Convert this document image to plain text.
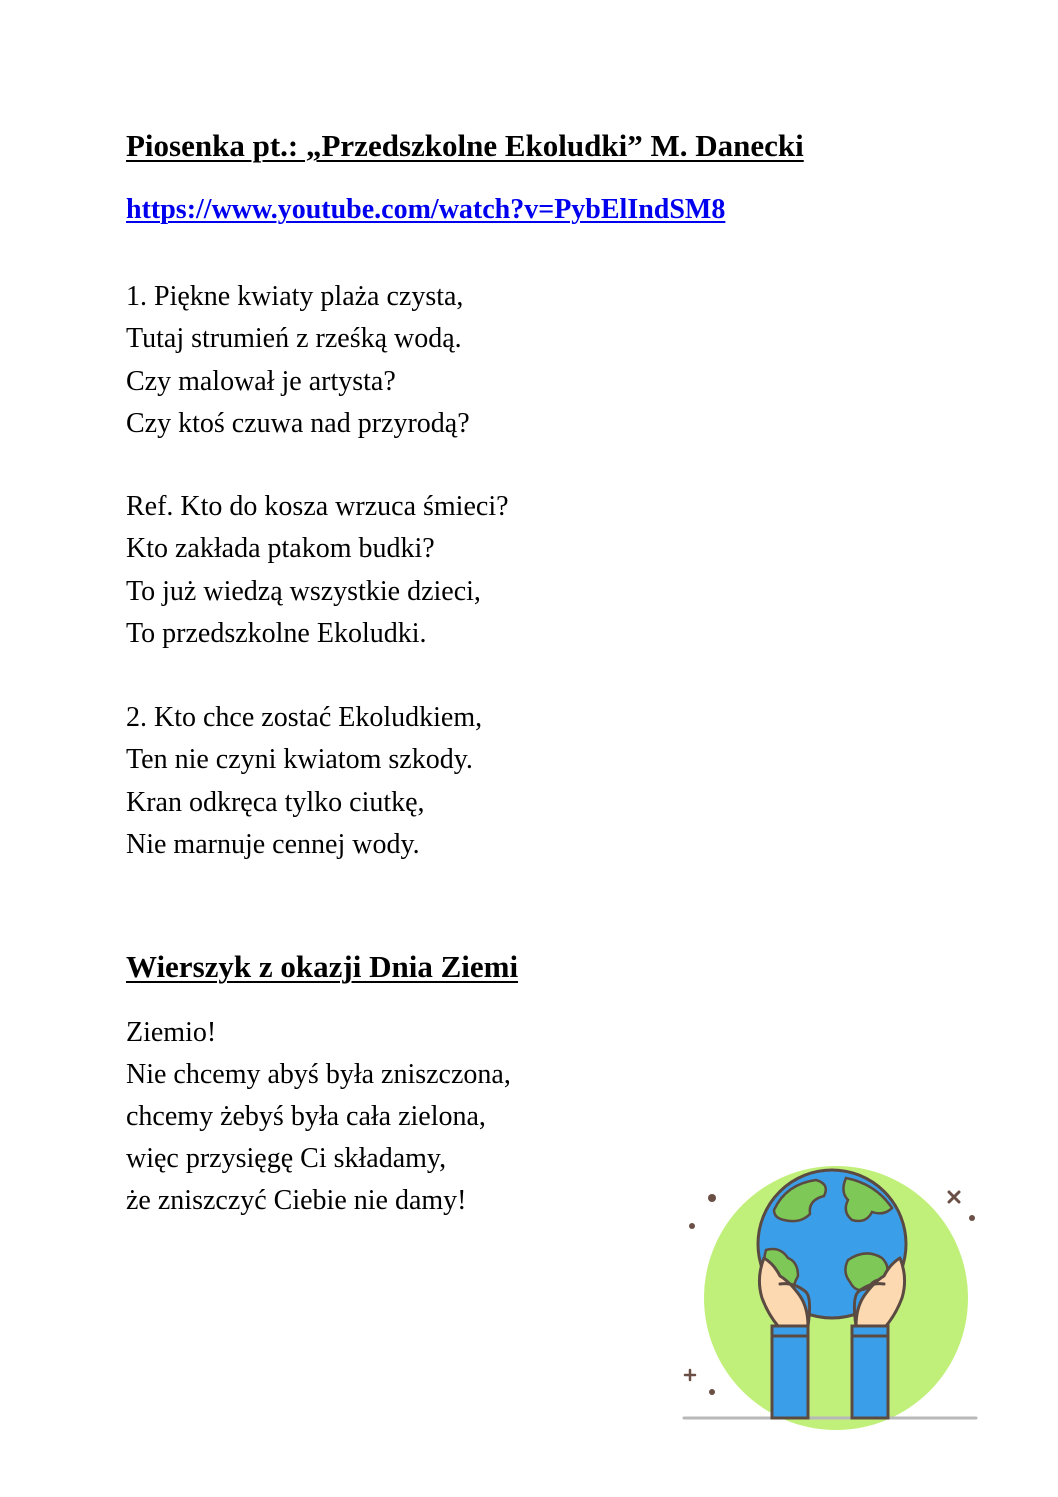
Piosenka pt.: „Przedszkolne Ekoludki” M. Danecki
https://www.youtube.com/watch?v=PybElIndSM8
1. Piękne kwiaty plaża czysta,
Tutaj strumień z rześką wodą.
Czy malował je artysta?
Czy ktoś czuwa nad przyrodą?
Ref. Kto do kosza wrzuca śmieci?
Kto zakłada ptakom budki?
To już wiedzą wszystkie dzieci,
To przedszkolne Ekoludki.
2. Kto chce zostać Ekoludkiem,
Ten nie czyni kwiatom szkody.
Kran odkręca tylko ciutkę,
Nie marnuje cennej wody.
Wierszyk z okazji Dnia Ziemi
Ziemio!
Nie chcemy abyś była zniszczona,
chcemy żebyś była cała zielona,
więc przysięgę Ci składamy,
że zniszczyć Ciebie nie damy!
